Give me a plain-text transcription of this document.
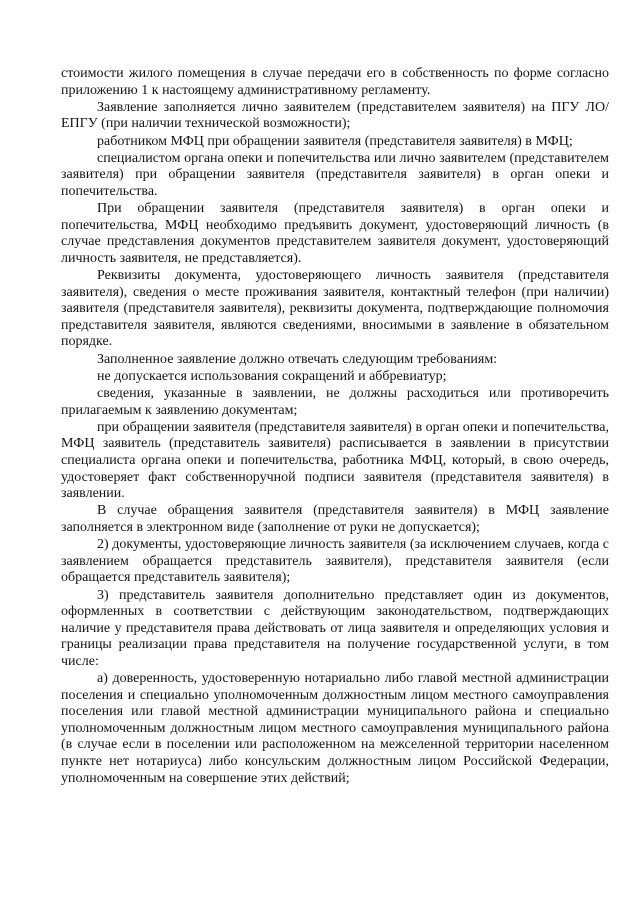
стоимости жилого помещения в случае передачи его в собственность по форме согласно приложению 1 к настоящему административному регламенту.

Заявление заполняется лично заявителем (представителем заявителя) на ПГУ ЛО/ЕПГУ (при наличии технической возможности);

работником МФЦ при обращении заявителя (представителя заявителя) в МФЦ;

специалистом органа опеки и попечительства или лично заявителем (представителем заявителя) при обращении заявителя (представителя заявителя) в орган опеки и попечительства.

При обращении заявителя (представителя заявителя) в орган опеки и попечительства, МФЦ необходимо предъявить документ, удостоверяющий личность (в случае представления документов представителем заявителя документ, удостоверяющий личность заявителя, не представляется).

Реквизиты документа, удостоверяющего личность заявителя (представителя заявителя), сведения о месте проживания заявителя, контактный телефон (при наличии) заявителя (представителя заявителя), реквизиты документа, подтверждающие полномочия представителя заявителя, являются сведениями, вносимыми в заявление в обязательном порядке.

Заполненное заявление должно отвечать следующим требованиям:

не допускается использования сокращений и аббревиатур;

сведения, указанные в заявлении, не должны расходиться или противоречить прилагаемым к заявлению документам;

при обращении заявителя (представителя заявителя) в орган опеки и попечительства, МФЦ заявитель (представитель заявителя) расписывается в заявлении в присутствии специалиста органа опеки и попечительства, работника МФЦ, который, в свою очередь, удостоверяет факт собственноручной подписи заявителя (представителя заявителя) в заявлении.

В случае обращения заявителя (представителя заявителя) в МФЦ заявление заполняется в электронном виде (заполнение от руки не допускается);

2) документы, удостоверяющие личность заявителя (за исключением случаев, когда с заявлением обращается представитель заявителя), представителя заявителя (если обращается представитель заявителя);

3) представитель заявителя дополнительно представляет один из документов, оформленных в соответствии с действующим законодательством, подтверждающих наличие у представителя права действовать от лица заявителя и определяющих условия и границы реализации права представителя на получение государственной услуги, в том числе:

а) доверенность, удостоверенную нотариально либо главой местной администрации поселения и специально уполномоченным должностным лицом местного самоуправления поселения или главой местной администрации муниципального района и специально уполномоченным должностным лицом местного самоуправления муниципального района (в случае если в поселении или расположенном на межселенной территории населенном пункте нет нотариуса) либо консульским должностным лицом Российской Федерации, уполномоченным на совершение этих действий;
